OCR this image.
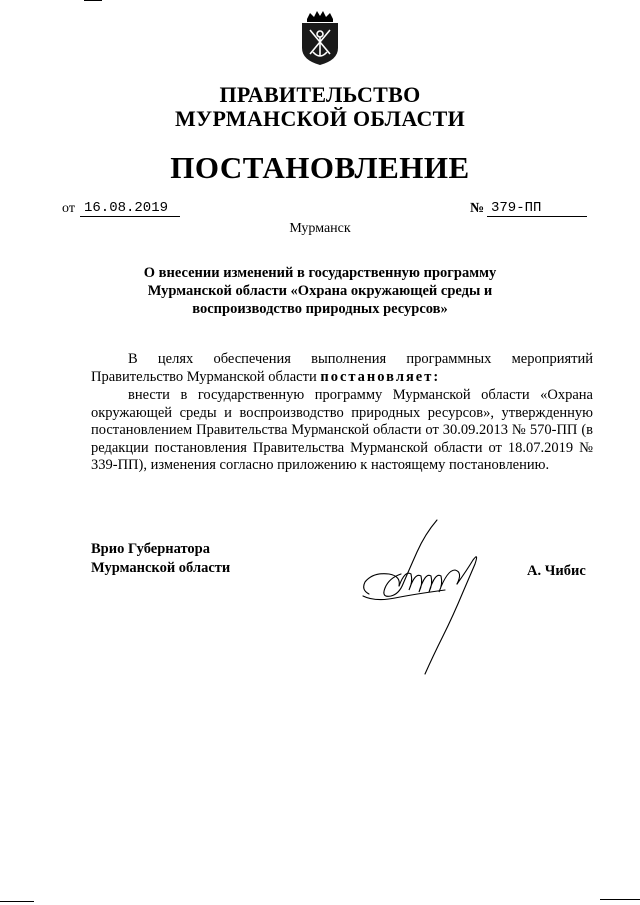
ПРАВИТЕЛЬСТВО
МУРМАНСКОЙ ОБЛАСТИ
ПОСТАНОВЛЕНИЕ
от 16.08.2019	№ 379-ПП
Мурманск
О внесении изменений в государственную программу
Мурманской области «Охрана окружающей среды и
воспроизводство природных ресурсов»
В целях обеспечения выполнения программных мероприятий Правительство Мурманской области постановляет:
внести в государственную программу Мурманской области «Охрана окружающей среды и воспроизводство природных ресурсов», утвержденную постановлением Правительства Мурманской области от 30.09.2013 № 570-ПП (в редакции постановления Правительства Мурманской области от 18.07.2019 № 339-ПП), изменения согласно приложению к настоящему постановлению.
Врио Губернатора
Мурманской области	А. Чибис
